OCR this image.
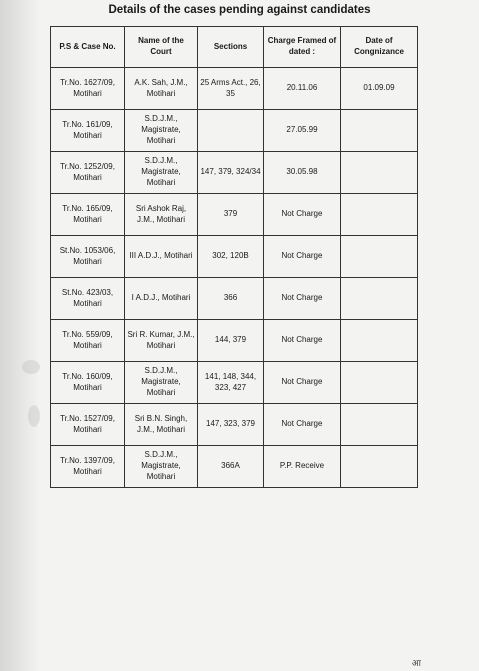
Details of the cases pending against candidates
P.S & Case No.	Name of the Court	Sections	Charge Framed of dated :	Date of Congnizance
Tr.No. 1627/09, Motihari	A.K. Sah, J.M., Motihari	25 Arms Act., 26, 35	20.11.06	01.09.09
Tr.No. 161/09, Motihari	S.D.J.M., Magistrate, Motihari		27.05.99	
Tr.No. 1252/09, Motihari	S.D.J.M., Magistrate, Motihari	147, 379, 324/34	30.05.98	
Tr.No. 165/09, Motihari	Sri Ashok Raj, J.M., Motihari	379	Not Charge	
St.No. 1053/06, Motihari	III A.D.J., Motihari	302, 120B	Not Charge	
St.No. 423/03, Motihari	I A.D.J., Motihari	366	Not Charge	
Tr.No. 559/09, Motihari	Sri R. Kumar, J.M., Motihari	144, 379	Not Charge	
Tr.No. 160/09, Motihari	S.D.J.M., Magistrate, Motihari	141, 148, 344, 323, 427	Not Charge	
Tr.No. 1527/09, Motihari	Sri B.N. Singh, J.M., Motihari	147, 323, 379	Not Charge	
Tr.No. 1397/09, Motihari	S.D.J.M., Magistrate, Motihari	366A	P.P. Receive	
आ
